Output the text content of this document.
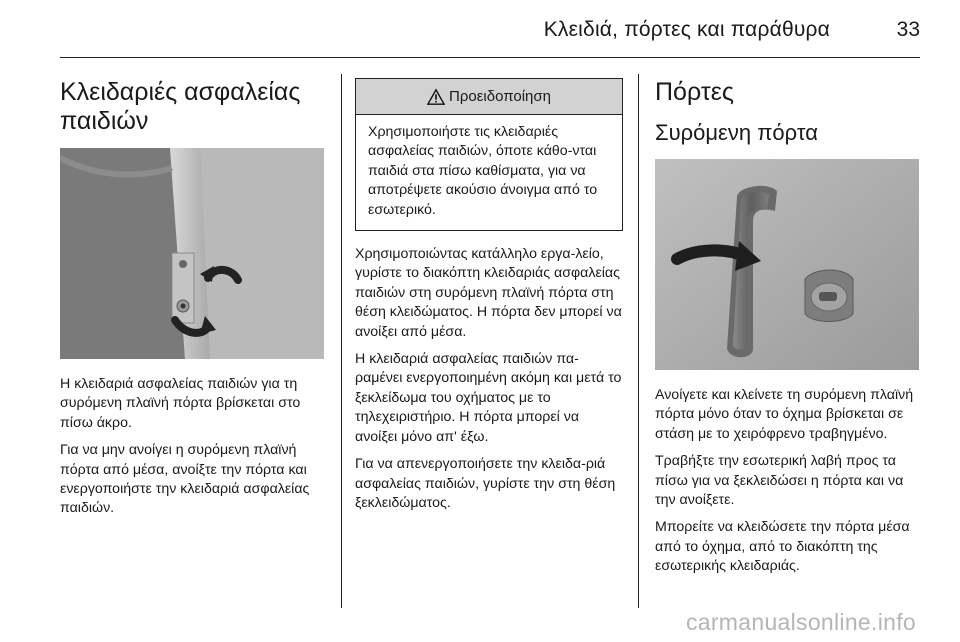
Κλειδιά, πόρτες και παράθυρα	33
Κλειδαριές ασφαλείας
παιδιών

Η κλειδαριά ασφαλείας παιδιών για τη συρόμενη πλαϊνή πόρτα βρίσκεται στο πίσω άκρο.

Για να μην ανοίγει η συρόμενη πλαϊνή πόρτα από μέσα, ανοίξτε την πόρτα και ενεργοποιήστε την κλειδαριά ασφαλείας παιδιών.

Προειδοποίηση
Χρησιμοποιήστε τις κλειδαριές ασφαλείας παιδιών, όποτε κάθο-νται παιδιά στα πίσω καθίσματα, για να αποτρέψετε ακούσιο άνοιγμα από το εσωτερικό.

Χρησιμοποιώντας κατάλληλο εργα-λείο, γυρίστε το διακόπτη κλειδαριάς ασφαλείας παιδιών στη συρόμενη πλαϊνή πόρτα στη θέση κλειδώματος. Η πόρτα δεν μπορεί να ανοίξει από μέσα.

Η κλειδαριά ασφαλείας παιδιών πα-ραμένει ενεργοποιημένη ακόμη και μετά το ξεκλείδωμα του οχήματος με το τηλεχειριστήριο. Η πόρτα μπορεί να ανοίξει μόνο απ' έξω.

Για να απενεργοποιήσετε την κλειδα-ριά ασφαλείας παιδιών, γυρίστε την στη θέση ξεκλειδώματος.

Πόρτες
Συρόμενη πόρτα

Ανοίγετε και κλείνετε τη συρόμενη πλαϊνή πόρτα μόνο όταν το όχημα βρίσκεται σε στάση με το χειρόφρενο τραβηγμένο.

Τραβήξτε την εσωτερική λαβή προς τα πίσω για να ξεκλειδώσει η πόρτα και να την ανοίξετε.

Μπορείτε να κλειδώσετε την πόρτα μέσα από το όχημα, από το διακόπτη της εσωτερικής κλειδαριάς.

carmanualsonline.info
